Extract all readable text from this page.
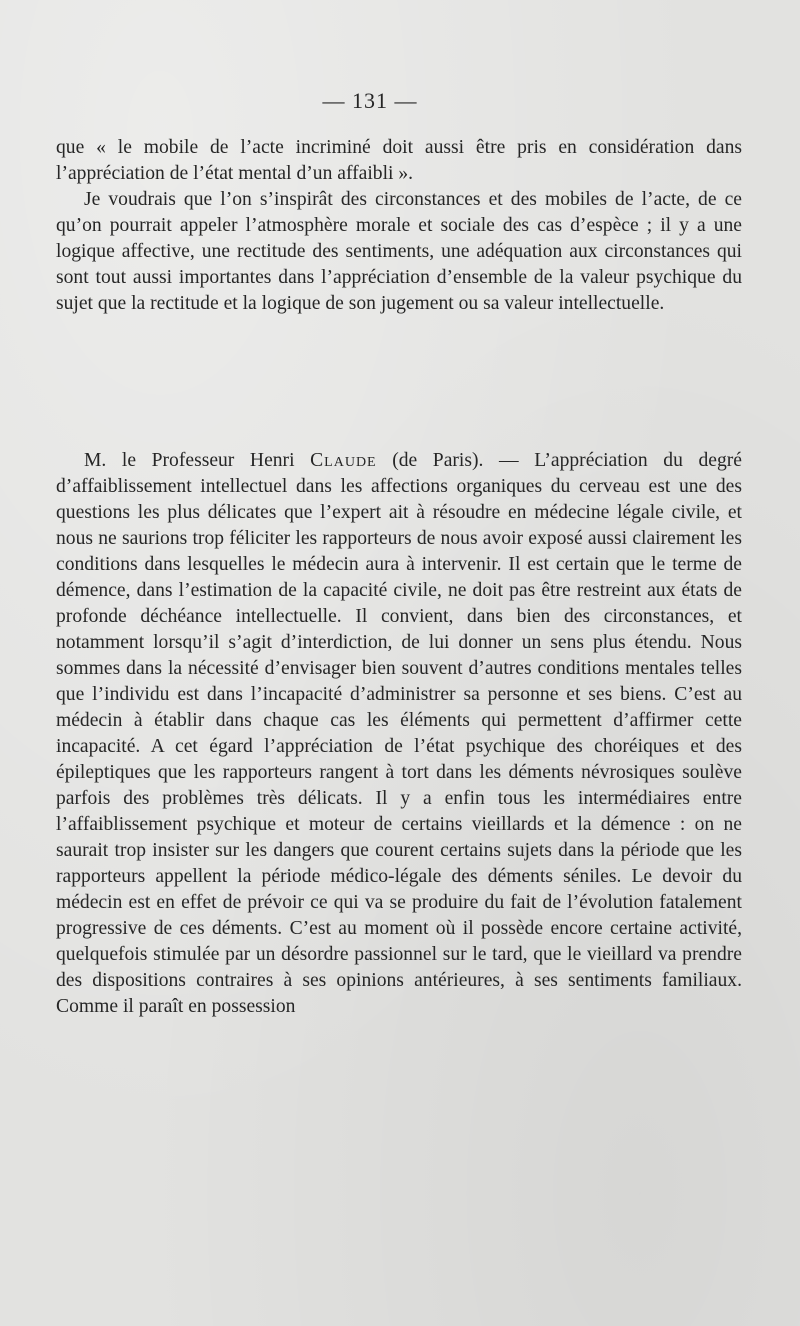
— 131 —

que « le mobile de l’acte incriminé doit aussi être pris en considération dans l’appréciation de l’état mental d’un affaibli ».

Je voudrais que l’on s’inspirât des circonstances et des mobiles de l’acte, de ce qu’on pourrait appeler l’atmosphère morale et sociale des cas d’espèce ; il y a une logique affective, une rectitude des sentiments, une adéquation aux circonstances qui sont tout aussi importantes dans l’appréciation d’ensemble de la valeur psychique du sujet que la rectitude et la logique de son jugement ou sa valeur intellectuelle.

M. le Professeur Henri Claude (de Paris). — L’appréciation du degré d’affaiblissement intellectuel dans les affections organiques du cerveau est une des questions les plus délicates que l’expert ait à résoudre en médecine légale civile, et nous ne saurions trop féliciter les rapporteurs de nous avoir exposé aussi clairement les conditions dans lesquelles le médecin aura à intervenir. Il est certain que le terme de démence, dans l’estimation de la capacité civile, ne doit pas être restreint aux états de profonde déchéance intellectuelle. Il convient, dans bien des circonstances, et notamment lorsqu’il s’agit d’interdiction, de lui donner un sens plus étendu. Nous sommes dans la nécessité d’envisager bien souvent d’autres conditions mentales telles que l’individu est dans l’incapacité d’administrer sa personne et ses biens. C’est au médecin à établir dans chaque cas les éléments qui permettent d’affirmer cette incapacité. A cet égard l’appréciation de l’état psychique des choréiques et des épileptiques que les rapporteurs rangent à tort dans les déments névrosiques soulève parfois des problèmes très délicats. Il y a enfin tous les intermédiaires entre l’affaiblissement psychique et moteur de certains vieillards et la démence : on ne saurait trop insister sur les dangers que courent certains sujets dans la période que les rapporteurs appellent la période médico-légale des déments séniles. Le devoir du médecin est en effet de prévoir ce qui va se produire du fait de l’évolution fatalement progressive de ces déments. C’est au moment où il possède encore certaine activité, quelquefois stimulée par un désordre passionnel sur le tard, que le vieillard va prendre des dispositions contraires à ses opinions antérieures, à ses sentiments familiaux. Comme il paraît en possession
